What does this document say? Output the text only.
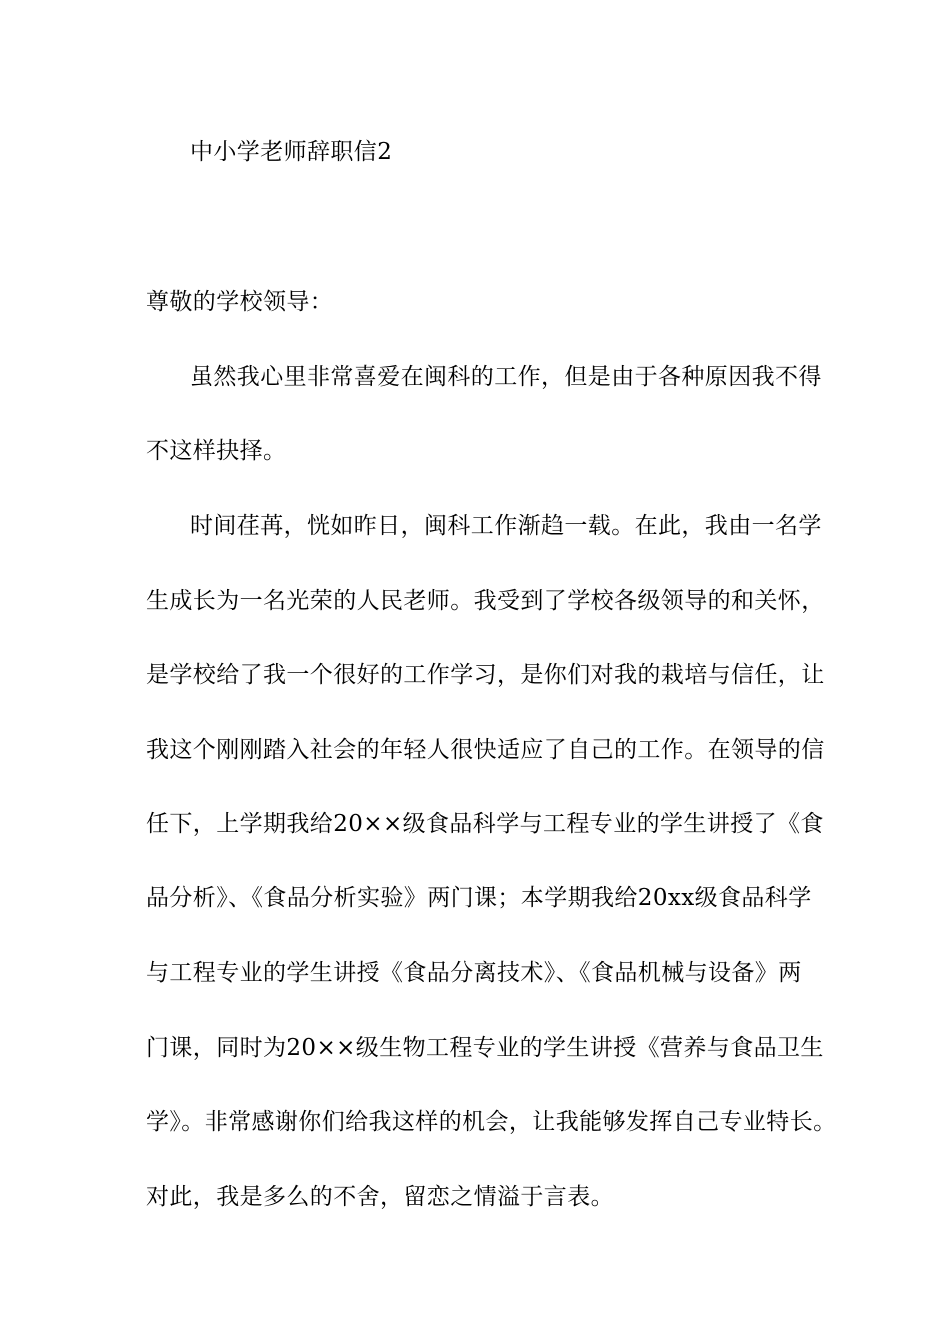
中小学老师辞职信2
尊敬的学校领导：
虽然我心里非常喜爱在闽科的工作，但是由于各种原因我不得
不这样抉择。
时间荏苒，恍如昨日，闽科工作渐趋一载。在此，我由一名学
生成长为一名光荣的人民老师。我受到了学校各级领导的和关怀，
是学校给了我一个很好的工作学习，是你们对我的栽培与信任，让
我这个刚刚踏入社会的年轻人很快适应了自己的工作。在领导的信
任下，上学期我给20××级食品科学与工程专业的学生讲授了《食
品分析》、《食品分析实验》两门课；本学期我给20xx级食品科学
与工程专业的学生讲授《食品分离技术》、《食品机械与设备》两
门课，同时为20××级生物工程专业的学生讲授《营养与食品卫生
学》。非常感谢你们给我这样的机会，让我能够发挥自己专业特长。
对此，我是多么的不舍，留恋之情溢于言表。
